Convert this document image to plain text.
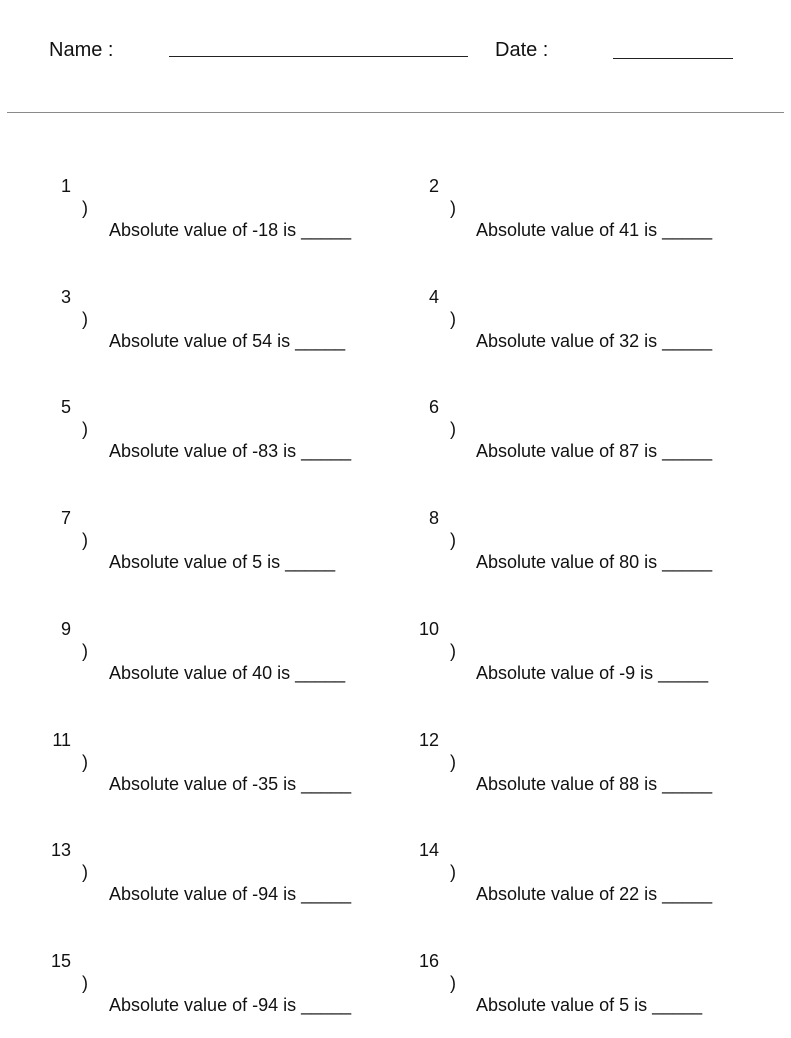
Name :	Date :

1

)

Absolute value of -18 is _____

2

)

Absolute value of 41 is _____

3

)

Absolute value of 54 is _____

4

)

Absolute value of 32 is _____

5

)

Absolute value of -83 is _____

6

)

Absolute value of 87 is _____

7

)

Absolute value of 5 is _____

8

)

Absolute value of 80 is _____

9

)

Absolute value of 40 is _____

10

)

Absolute value of -9 is _____

11

)

Absolute value of -35 is _____

12

)

Absolute value of 88 is _____

13

)

Absolute value of -94 is _____

14

)

Absolute value of 22 is _____

15

)

Absolute value of -94 is _____

16

)

Absolute value of 5 is _____
